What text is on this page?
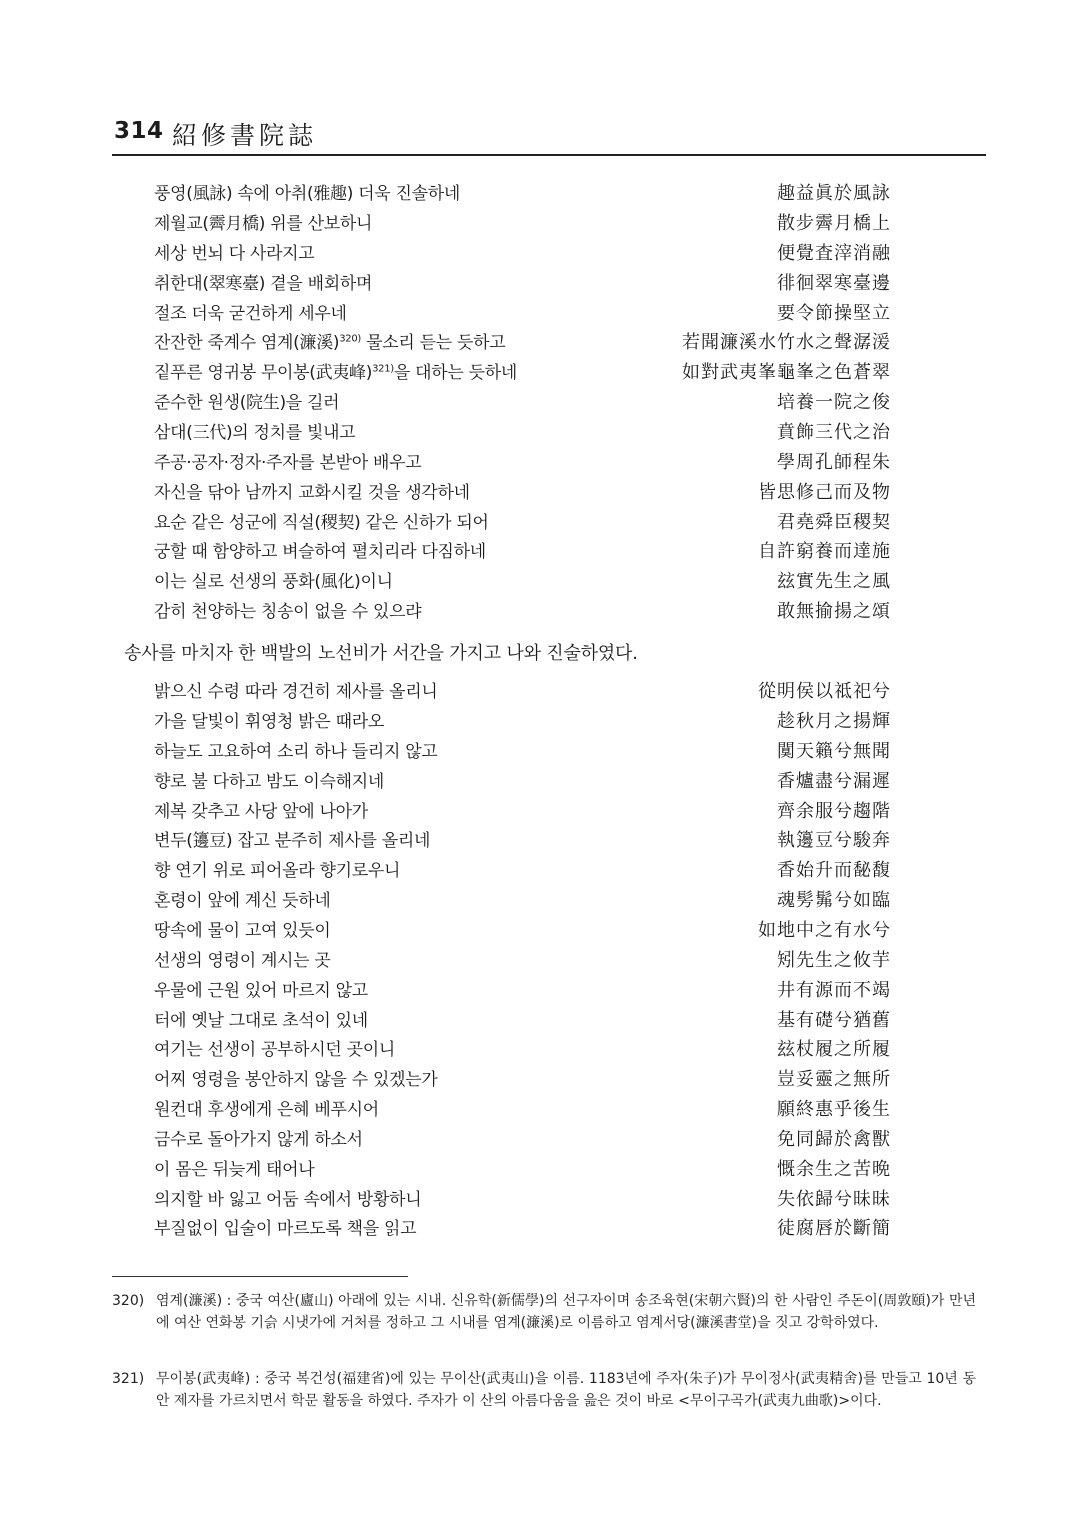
314 紹修書院誌
풍영(風詠) 속에 아취(雅趣) 더욱 진솔하네	趣益眞於風詠
제월교(霽月橋) 위를 산보하니	散步霽月橋上
세상 번뇌 다 사라지고	便覺査滓消融
취한대(翠寒臺) 곁을 배회하며	徘徊翠寒臺邊
절조 더욱 굳건하게 세우네	要令節操堅立
잔잔한 죽계수 염계(濂溪)$^{320)}$ 물소리 듣는 듯하고	若聞濂溪水竹水之聲潺湲
짙푸른 영귀봉 무이봉(武夷峰)$^{321)}$을 대하는 듯하네	如對武夷峯龜峯之色蒼翠
준수한 원생(院生)을 길러	培養一院之俊
삼대(三代)의 정치를 빛내고	賁飾三代之治
주공·공자·정자·주자를 본받아 배우고	學周孔師程朱
자신을 닦아 남까지 교화시킬 것을 생각하네	皆思修己而及物
요순 같은 성군에 직설(稷契) 같은 신하가 되어	君堯舜臣稷契
궁할 때 함양하고 벼슬하여 펼치리라 다짐하네	自許窮養而達施
이는 실로 선생의 풍화(風化)이니	玆實先生之風
감히 천양하는 칭송이 없을 수 있으랴	敢無揄揚之頌
송사를 마치자 한 백발의 노선비가 서간을 가지고 나와 진술하였다.
밝으신 수령 따라 경건히 제사를 올리니	從明侯以祗祀兮
가을 달빛이 휘영청 밝은 때라오	趁秋月之揚輝
하늘도 고요하여 소리 하나 들리지 않고	闃天籟兮無聞
향로 불 다하고 밤도 이슥해지네	香爐盡兮漏遲
제복 갖추고 사당 앞에 나아가	齊余服兮趨階
변두(籩豆) 잡고 분주히 제사를 올리네	執籩豆兮駿奔
향 연기 위로 피어올라 향기로우니	香始升而馝馥
혼령이 앞에 계신 듯하네	魂髣髴兮如臨
땅속에 물이 고여 있듯이	如地中之有水兮
선생의 영령이 계시는 곳	矧先生之攸芋
우물에 근원 있어 마르지 않고	井有源而不竭
터에 옛날 그대로 초석이 있네	基有礎兮猶舊
여기는 선생이 공부하시던 곳이니	玆杖履之所履
어찌 영령을 봉안하지 않을 수 있겠는가	豈妥靈之無所
원컨대 후생에게 은혜 베푸시어	願終惠乎後生
금수로 돌아가지 않게 하소서	免同歸於禽獸
이 몸은 뒤늦게 태어나	慨余生之苦晩
의지할 바 잃고 어둠 속에서 방황하니	失依歸兮昧昧
부질없이 입술이 마르도록 책을 읽고	徒腐唇於斷簡
320) 염계(濂溪) : 중국 여산(廬山) 아래에 있는 시내. 신유학(新儒學)의 선구자이며 송조육현(宋朝六賢)의 한 사람인 주돈이(周敦頤)가 만년에 여산 연화봉 기슭 시냇가에 거처를 정하고 그 시내를 염계(濂溪)로 이름하고 염계서당(濂溪書堂)을 짓고 강학하였다.
321) 무이봉(武夷峰) : 중국 복건성(福建省)에 있는 무이산(武夷山)을 이름. 1183년에 주자(朱子)가 무이정사(武夷精舍)를 만들고 10년 동안 제자를 가르치면서 학문 활동을 하였다. 주자가 이 산의 아름다움을 읊은 것이 바로 <무이구곡가(武夷九曲歌)>이다.
